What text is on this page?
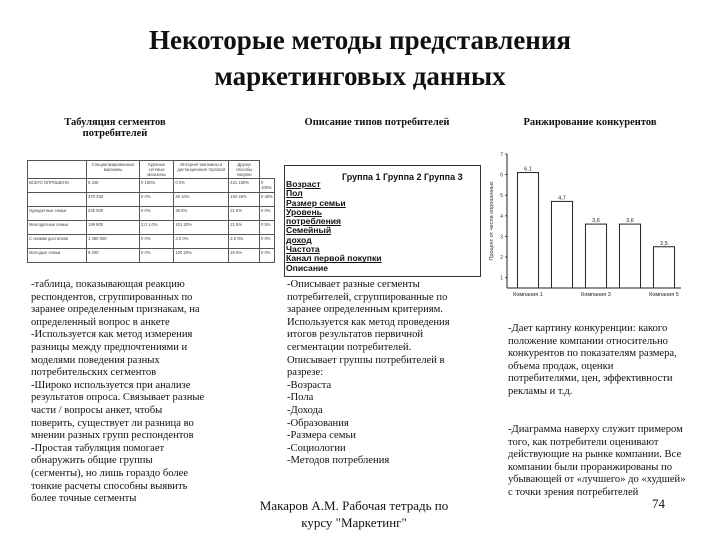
Некоторые методы представления
маркетинговых данных
Табуляция сегментов потребителей
Описание типов потребителей	Ранжирование конкурентов
	Специализированные магазины	Крупные сетевые магазины	Интернет-магазины и дистанционная торговля	Другие способы покупки	
ВСЕГО ОПРОШЕНО	9 346	0 100%	0 0%	421 100%	0 100%
	370 250	0 0%	49 10%	192 45%	0 45%
Однодетные семьи	245 500	0 0%	38 8%	21 5%	0 0%
Многодетные семьи	199 800	2,0 1,0%	101 20%	21 5%	0 5%
С низким достатком	1 380 000	0 0%	2,0 0%	2,0 0%	0 0%
Молодые семьи	9 200	0 0%	100 20%	20 5%	0 0%
-таблица, показывающая реакцию
респондентов, сгруппированных по
заранее определенным признакам, на
определенный вопрос в анкете
-Используется как метод измерения
разницы между предпочтениями и
моделями поведения разных
потребительских сегментов
-Широко используется при анализе
результатов опроса. Связывает разные
части / вопросы анкет, чтобы
поверить, существует ли разница во
мнении разных групп респондентов
-Простая табуляция помогает
обнаружить общие группы
(сегменты), но лишь гораздо более
тонкие расчеты способны выявить
более точные сегменты
Группа 1 Группа 2 Группа 3
Возраст
Пол
Размер семьи
Уровень
потребления
Семейный
доход
Частота
Канал первой покупки
Описание
-Описывает разные сегменты
потребителей, сгруппированные по
заранее определенным критериям.
Используется как метод проведения
итогов результатов первичной
сегментации потребителей.
Описывает группы потребителей в
разрезе:
-Возраста
-Пола
-Дохода
-Образования
-Размера семьи
-Социологии
-Методов потребления
Процент от числа опрошенных
1
2
3
4
5
6
7
6,1
4,7
3,6	3,6
2,5
Компания 1	Компания 3	Компания 5
-Дает картину конкуренции: какого
положение компании относительно
конкурентов по показателям размера,
объема продаж, оценки
потребителями, цен, эффективности
рекламы и т.д.
-Диаграмма наверху служит примером
того, как потребители оценивают
действующие на рынке компании. Все
компании были проранжированы по
убывающей от «лучшего» до «худшей»
с точки зрения потребителей
Макаров А.М. Рабочая тетрадь по
курсу "Маркетинг"
74
